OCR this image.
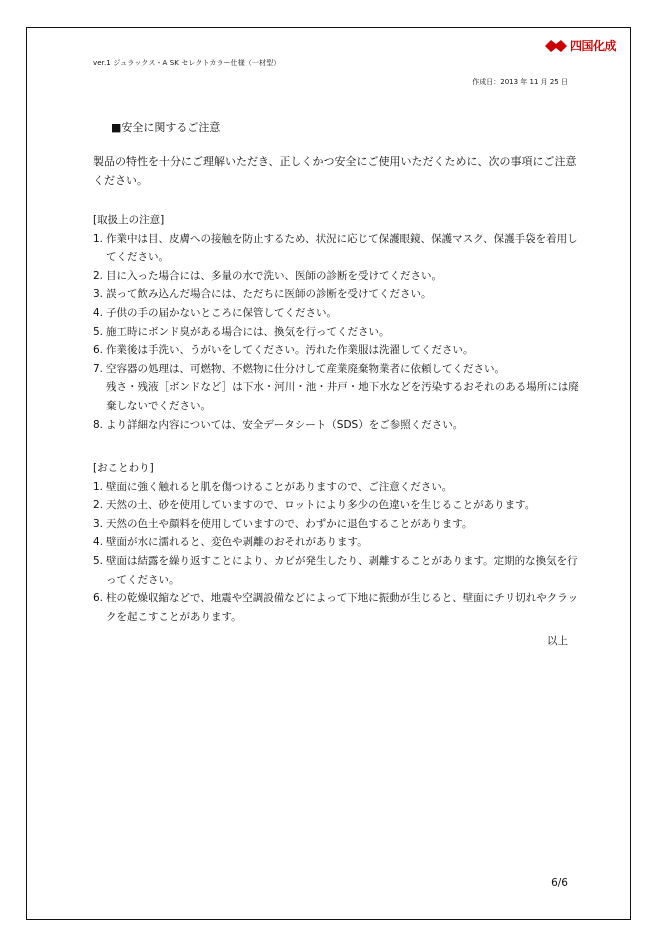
ver.1 ジュラックス・A SK セレクトカラー仕様（一材型）
四国化成
作成日：2013 年 11 月 25 日
■安全に関するご注意
製品の特性を十分にご理解いただき、正しくかつ安全にご使用いただくために、次の事項にご注意ください。

[取扱上の注意]

1. 作業中は目、皮膚への接触を防止するため、状況に応じて保護眼鏡、保護マスク、保護手袋を着用してください。
2. 目に入った場合には、多量の水で洗い、医師の診断を受けてください。
3. 誤って飲み込んだ場合には、ただちに医師の診断を受けてください。
4. 子供の手の届かないところに保管してください。
5. 施工時にボンド臭がある場合には、換気を行ってください。
6. 作業後は手洗い、うがいをしてください。汚れた作業服は洗濯してください。
7. 空容器の処理は、可燃物、不燃物に仕分けして産業廃棄物業者に依頼してください。
残さ・残液［ボンドなど］は下水・河川・池・井戸・地下水などを汚染するおそれのある場所には廃棄しないでください。
8. より詳細な内容については、安全データシート（SDS）をご参照ください。

[おことわり]

1. 壁面に強く触れると肌を傷つけることがありますので、ご注意ください。
2. 天然の土、砂を使用していますので、ロットにより多少の色違いを生じることがあります。
3. 天然の色土や顔料を使用していますので、わずかに退色することがあります。
4. 壁面が水に濡れると、変色や剥離のおそれがあります。
5. 壁面は結露を繰り返すことにより、カビが発生したり、剥離することがあります。定期的な換気を行ってください。
6. 柱の乾燥収縮などで、地震や空調設備などによって下地に振動が生じると、壁面にチリ切れやクラックを起こすことがあります。
以上
6/6
